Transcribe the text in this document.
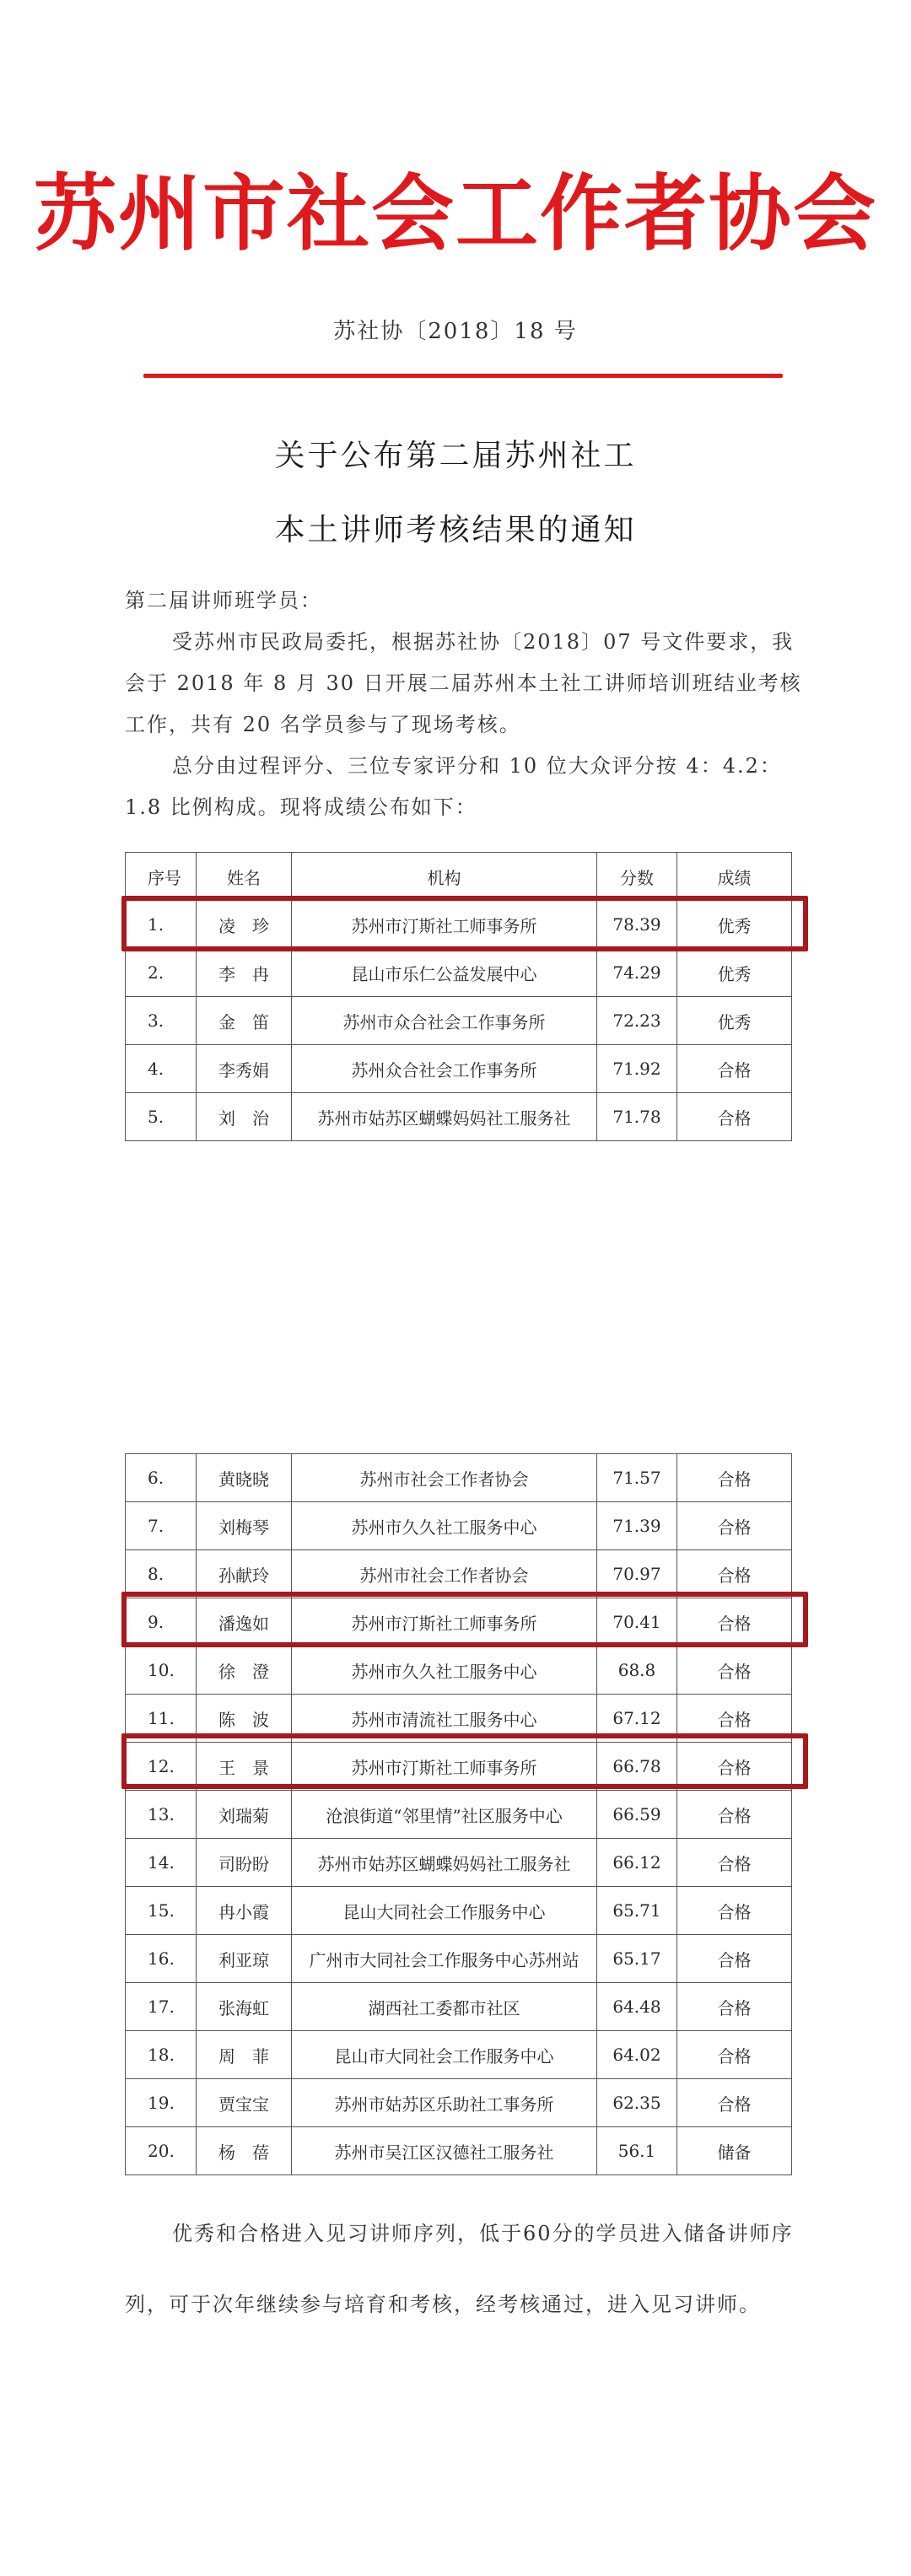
苏州市社会工作者协会
苏社协〔2018〕18 号
关于公布第二届苏州社工
本土讲师考核结果的通知
第二届讲师班学员：
受苏州市民政局委托，根据苏社协〔2018〕07 号文件要求，我会于 2018 年 8 月 30 日开展二届苏州本土社工讲师培训班结业考核工作，共有 20 名学员参与了现场考核。
总分由过程评分、三位专家评分和 10 位大众评分按 4：4.2：1.8 比例构成。现将成绩公布如下：
序号	姓名	机构	分数	成绩
1.	凌　珍	苏州市汀斯社工师事务所	78.39	优秀
2.	李　冉	昆山市乐仁公益发展中心	74.29	优秀
3.	金　笛	苏州市众合社会工作事务所	72.23	优秀
4.	李秀娟	苏州众合社会工作事务所	71.92	合格
5.	刘　治	苏州市姑苏区蝴蝶妈妈社工服务社	71.78	合格
6.	黄晓晓	苏州市社会工作者协会	71.57	合格
7.	刘梅琴	苏州市久久社工服务中心	71.39	合格
8.	孙献玲	苏州市社会工作者协会	70.97	合格
9.	潘逸如	苏州市汀斯社工师事务所	70.41	合格
10.	徐　澄	苏州市久久社工服务中心	68.8	合格
11.	陈　波	苏州市清流社工服务中心	67.12	合格
12.	王　景	苏州市汀斯社工师事务所	66.78	合格
13.	刘瑞菊	沧浪街道“邻里情”社区服务中心	66.59	合格
14.	司盼盼	苏州市姑苏区蝴蝶妈妈社工服务社	66.12	合格
15.	冉小霞	昆山大同社会工作服务中心	65.71	合格
16.	利亚琼	广州市大同社会工作服务中心苏州站	65.17	合格
17.	张海虹	湖西社工委都市社区	64.48	合格
18.	周　菲	昆山市大同社会工作服务中心	64.02	合格
19.	贾宝宝	苏州市姑苏区乐助社工事务所	62.35	合格
20.	杨　蓓	苏州市吴江区汉德社工服务社	56.1	储备
优秀和合格进入见习讲师序列，低于60分的学员进入储备讲师序列，可于次年继续参与培育和考核，经考核通过，进入见习讲师。
